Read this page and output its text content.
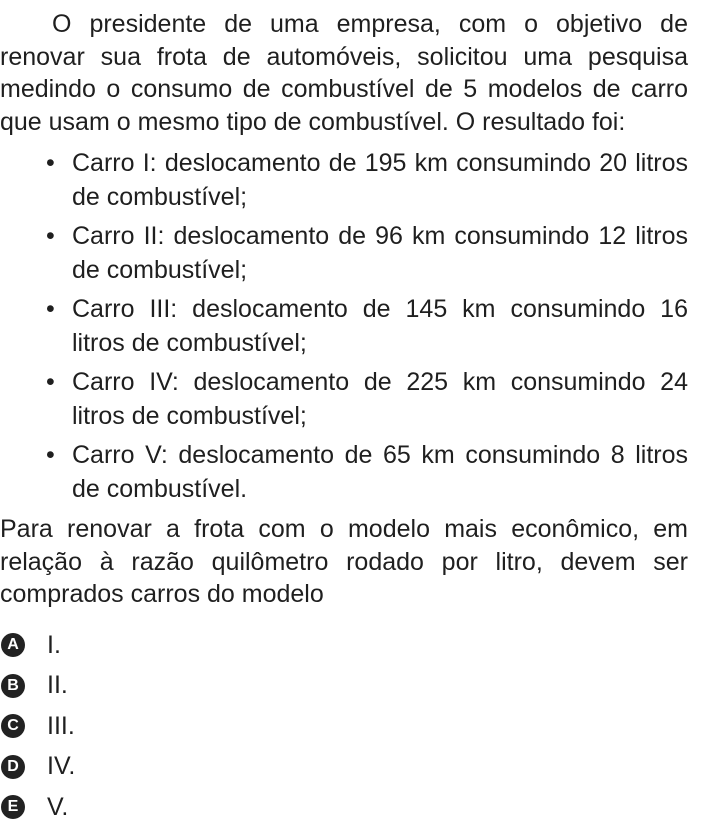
O presidente de uma empresa, com o objetivo de renovar sua frota de automóveis, solicitou uma pesquisa medindo o consumo de combustível de 5 modelos de carro que usam o mesmo tipo de combustível. O resultado foi:

• Carro I: deslocamento de 195 km consumindo 20 litros de combustível;
• Carro II: deslocamento de 96 km consumindo 12 litros de combustível;
• Carro III: deslocamento de 145 km consumindo 16 litros de combustível;
• Carro IV: deslocamento de 225 km consumindo 24 litros de combustível;
• Carro V: deslocamento de 65 km consumindo 8 litros de combustível.

Para renovar a frota com o modelo mais econômico, em relação à razão quilômetro rodado por litro, devem ser comprados carros do modelo

A I.
B II.
C III.
D IV.
E V.
